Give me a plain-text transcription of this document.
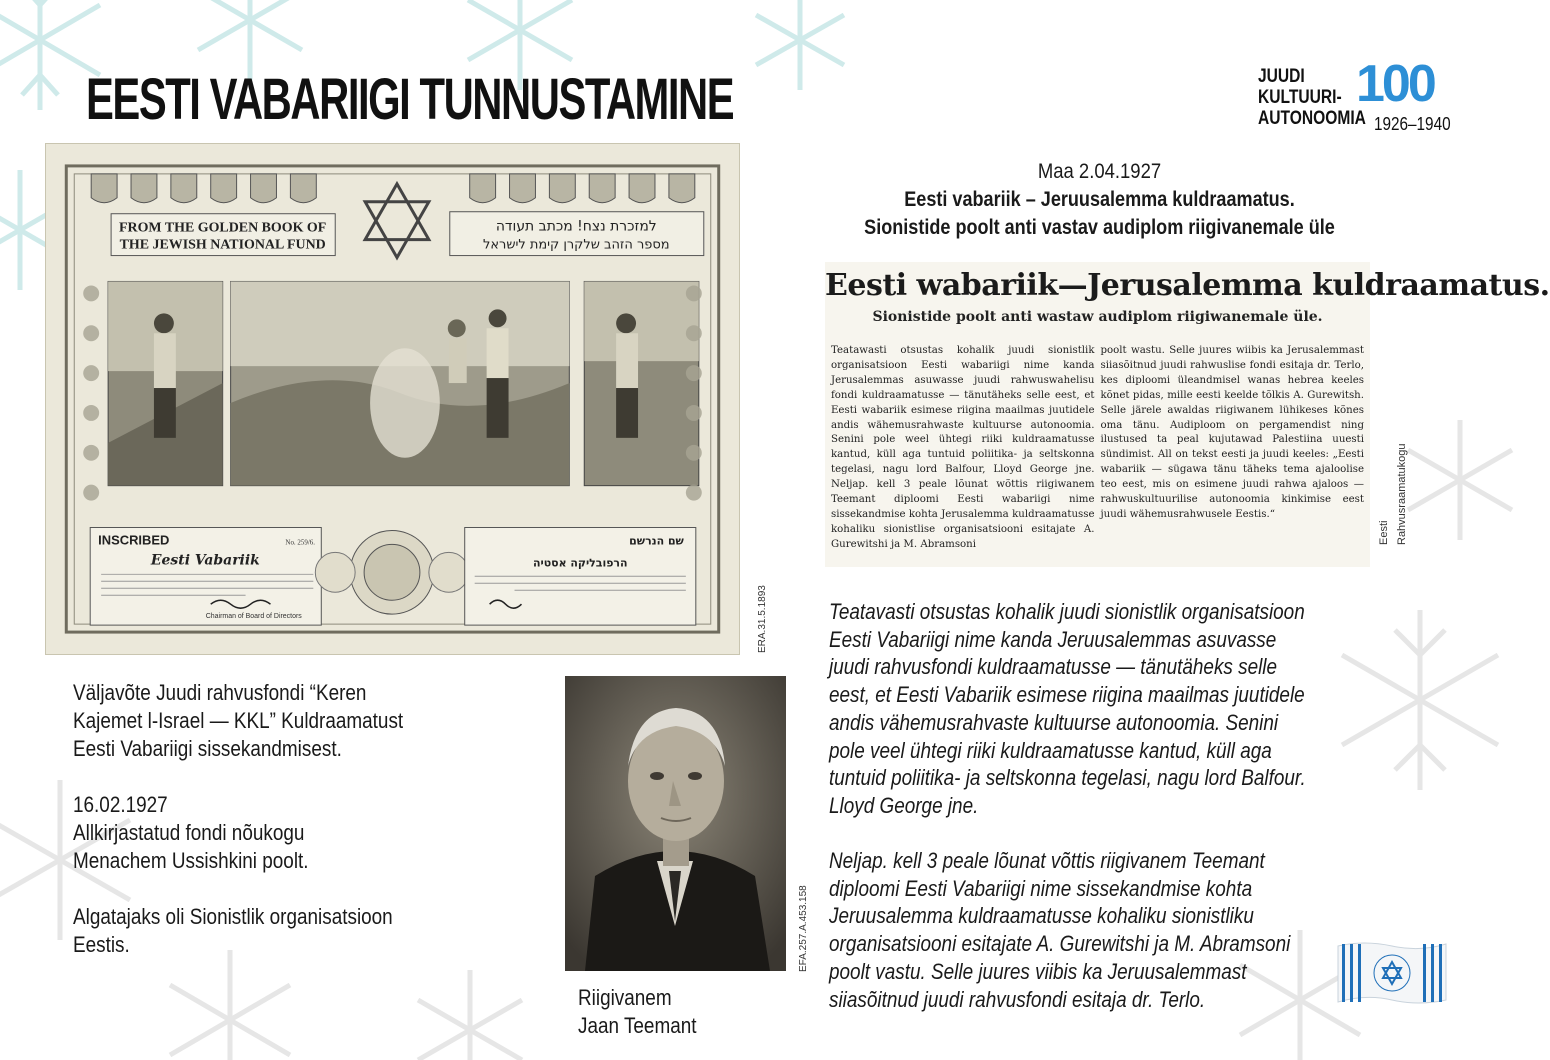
EESTI VABARIIGI TUNNUSTAMINE	JUUDI
KULTUURI-
AUTONOOMIA
100
1926–1940
FROM THE GOLDEN BOOK OF
THE JEWISH NATIONAL FUND
למזכרת נצח! מכתב תעודה
מספר הזהב שלקרן קימת לישראל
INSCRIBED	No. 259/6.
Eesti Vabariik
Chairman of Board of Directors
שם הנרשם
הרפובליקה אסטיה
ERA.31.5.1893
Väljavõte Juudi rahvusfondi “Keren
Kajemet l-Israel — KKL” Kuldraamatust
Eesti Vabariigi sissekandmisest.
16.02.1927
Allkirjastatud fondi nõukogu
Menachem Ussishkini poolt.
Algatajaks oli Sionistlik organisatsioon
Eestis.	EFA.257.A.453.158
Riigivanem
Jaan Teemant
Maa 2.04.1927
Eesti vabariik – Jeruusalemma kuldraamatus.
Sionistide poolt anti vastav audiplom riigivanemale üle
Eesti wabariik—Jerusalemma kuldraamatus.
Sionistide poolt anti wastaw audiplom riigiwanemale üle.
Teatawasti otsustas kohalik juudi sionistlik organisatsioon Eesti wabariigi nime kanda Jerusalemmas asuwasse juudi rahwuswahelisu fondi kuldraamatusse — tänutäheks selle eest, et Eesti wabariik esimese riigina maailmas juutidele andis wähemusrahwaste kultuurse autonoomia. Senini pole weel ühtegi riiki kuldraamatusse kantud, küll aga tuntuid poliitika- ja seltskonna tegelasi, nagu lord Balfour, Lloyd George jne. Neljap. kell 3 peale lõunat wõttis riigiwanem Teemant diploomi Eesti wabariigi nime sissekandmise kohta Jerusalemma kuldraamatusse kohaliku sionistlise organisatsiooni esitajate A. Gurewitshi ja M. Abramsoni
poolt wastu. Selle juures wiibis ka Jerusalemmast siiasõitnud juudi rahwuslise fondi esitaja dr. Terlo, kes diploomi üleandmisel wanas hebrea keeles kõnet pidas, mille eesti keelde tõlkis A. Gurewitsh. Selle järele awaldas riigiwanem lühikeses kõnes oma tänu. Audiploom on pergamendist ning ilustused ta peal kujutawad Palestiina uuesti sündimist. All on tekst eesti ja juudi keeles: „Eesti wabariik — sügawa tänu täheks tema ajaloolise teo eest, mis on esimene juudi rahwa ajaloos — rahwuskultuurilise autonoomia kinkimise eest juudi wähemusrahwusele Eestis.“
Eesti Rahvusraamatukogu
Teatavasti otsustas kohalik juudi sionistlik organisatsioon
Eesti Vabariigi nime kanda Jeruusalemmas asuvasse
juudi rahvusfondi kuldraamatusse — tänutäheks selle
eest, et Eesti Vabariik esimese riigina maailmas juutidele
andis vähemusrahvaste kultuurse autonoomia. Senini
pole veel ühtegi riiki kuldraamatusse kantud, küll aga
tuntuid poliitika- ja seltskonna tegelasi, nagu lord Balfour.
Lloyd George jne.
Neljap. kell 3 peale lõunat võttis riigivanem Teemant
diploomi Eesti Vabariigi nime sissekandmise kohta
Jeruusalemma kuldraamatusse kohaliku sionistliku
organisatsiooni esitajate A. Gurewitshi ja M. Abramsoni
poolt vastu. Selle juures viibis ka Jeruusalemmast
siiasõitnud juudi rahvusfondi esitaja dr. Terlo.
